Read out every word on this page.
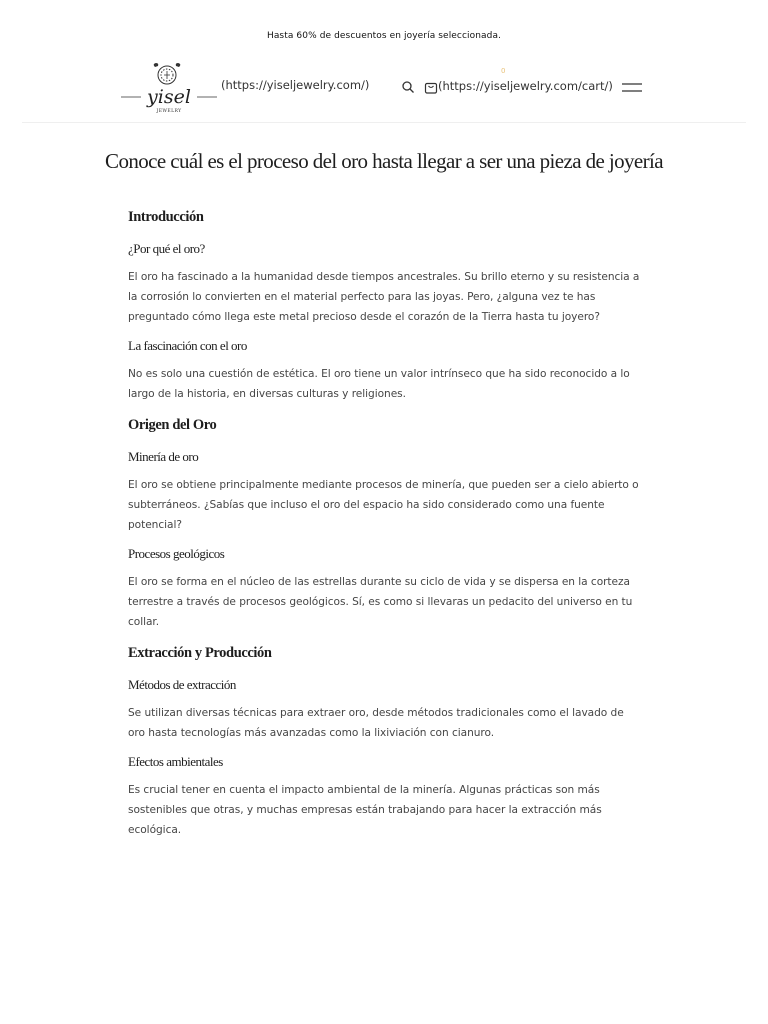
Hasta 60% de descuentos en joyería seleccionada.
yisel
JEWELRY
(https://yiseljewelry.com/)	(https://yiseljewelry.com/cart/)
0
Conoce cuál es el proceso del oro hasta llegar a ser una pieza de joyería
Introducción
¿Por qué el oro?

El oro ha fascinado a la humanidad desde tiempos ancestrales. Su brillo eterno y su resistencia a la corrosión lo convierten en el material perfecto para las joyas. Pero, ¿alguna vez te has preguntado cómo llega este metal precioso desde el corazón de la Tierra hasta tu joyero?

La fascinación con el oro

No es solo una cuestión de estética. El oro tiene un valor intrínseco que ha sido reconocido a lo largo de la historia, en diversas culturas y religiones.

Origen del Oro
Minería de oro

El oro se obtiene principalmente mediante procesos de minería, que pueden ser a cielo abierto o subterráneos. ¿Sabías que incluso el oro del espacio ha sido considerado como una fuente potencial?

Procesos geológicos

El oro se forma en el núcleo de las estrellas durante su ciclo de vida y se dispersa en la corteza terrestre a través de procesos geológicos. Sí, es como si llevaras un pedacito del universo en tu collar.

Extracción y Producción
Métodos de extracción

Se utilizan diversas técnicas para extraer oro, desde métodos tradicionales como el lavado de oro hasta tecnologías más avanzadas como la lixiviación con cianuro.

Efectos ambientales

Es crucial tener en cuenta el impacto ambiental de la minería. Algunas prácticas son más sostenibles que otras, y muchas empresas están trabajando para hacer la extracción más ecológica.
